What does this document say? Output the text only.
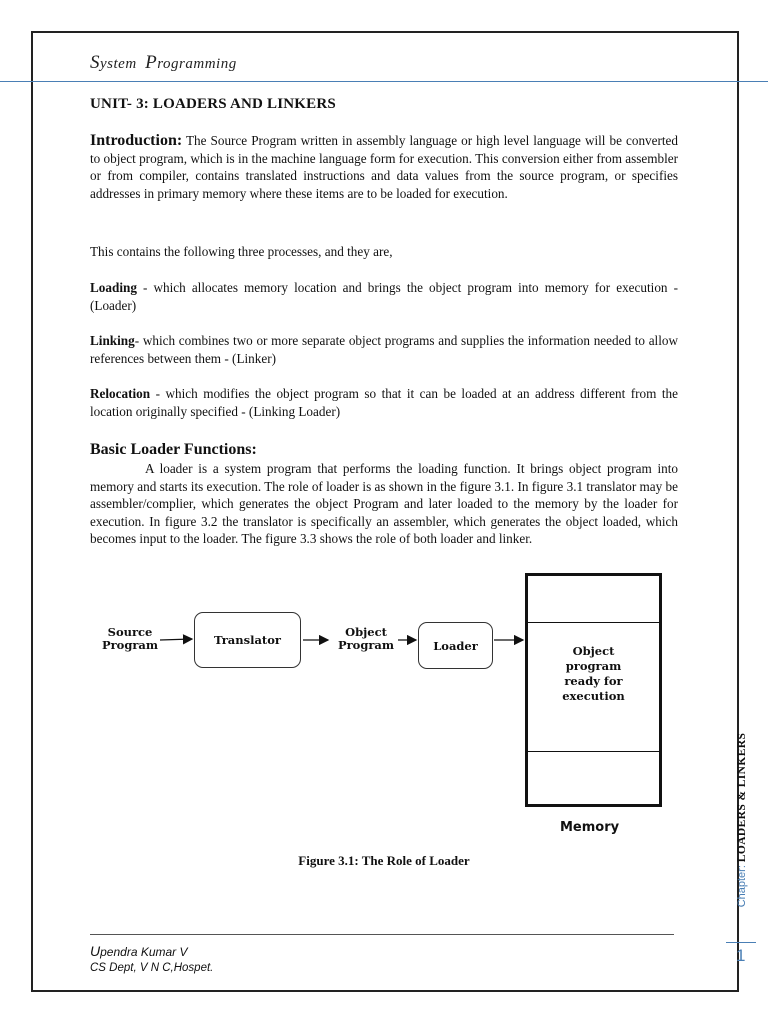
System Programming
UNIT- 3: LOADERS AND LINKERS
Introduction: The Source Program written in assembly language or high level language will be converted to object program, which is in the machine language form for execution. This conversion either from assembler or from compiler, contains translated instructions and data values from the source program, or specifies addresses in primary memory where these items are to be loaded for execution.
This contains the following three processes, and they are,
Loading - which allocates memory location and brings the object program into memory for execution - (Loader)
Linking- which combines two or more separate object programs and supplies the information needed to allow references between them - (Linker)
Relocation - which modifies the object program so that it can be loaded at an address different from the location originally specified - (Linking Loader)
Basic Loader Functions:
A loader is a system program that performs the loading function. It brings object program into memory and starts its execution. The role of loader is as shown in the figure 3.1. In figure 3.1 translator may be assembler/complier, which generates the object Program and later loaded to the memory by the loader for execution. In figure 3.2 the translator is specifically an assembler, which generates the object loaded, which becomes input to the loader. The figure 3.3 shows the role of both loader and linker.
Source
Program	Translator
Object
Program	Loader	Object
program
ready for
execution
Memory
Figure 3.1: The Role of Loader
Upendra Kumar V
CS Dept, V N C,Hospet.
Chapter: LOADERS & LINKERS
1
